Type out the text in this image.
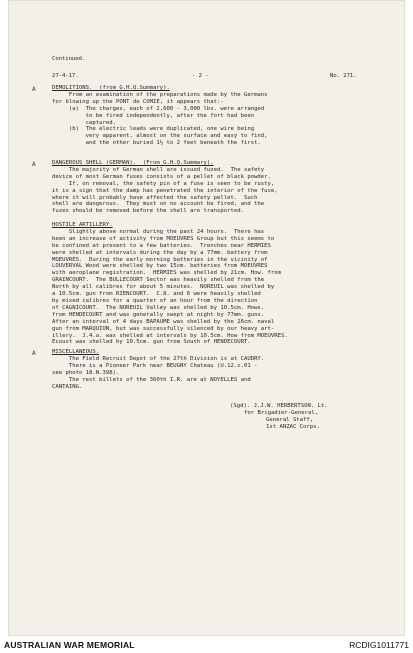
Continued.
27-4-17.	- 2 -	No. 271.
A	DEMOLITIONS.  (from G.H.Q.Summary).
From an examination of the preparations made by the Germans
for blowing up the PONT de COMIE, it appears that:-
(a)  The charges, each of 2,600 - 3,000 lbs. were arranged
to be fired independently, after the fort had been
captured.
(b)  The electric leads were duplicated, one wire being
very apparent, almost on the surface and easy to find,
and the other buried 1½ to 2 feet beneath the first.
A	DANGEROUS SHELL (GERMAN).  (From G.H.Q.Summary).
The majority of German shell are issued fuzed.  The safety
device of most German fuses consists of a pellet of black powder.
If, on removal, the safety pin of a fuse is seen to be rusty,
it is a sign that the damp has penetrated the interior of the fuse,
where it will probably have affected the safety pellet.  Such
shell are dangerous.  They must on no account be fired, and the
fuzes should be removed before the shell are transported.
HOSTILE ARTILLERY.
Slightly above normal during the past 24 hours.  There has
been an increase of activity from MOEUVRES Group but this seems to
be confined at present to a few batteries.  Trenches near HERMIES
were shelled at intervals during the day by a 77mm. battery from
MOEUVRES.  During the early morning batteries in the vicinity of
LOUVERVAL Wood were shelled by two 15cm. batteries from MOEUVRES
with aeroplane registration.  HERMIES was shelled by 21cm. How. from
GRAINCOURT.  The BULLECOURT Sector was heavily shelled from the
North by all calibres for about 5 minutes.  NOREUIL was shelled by
a 10.5cm. gun from RIENCOURT.  C.8. and 6 were heavily shelled
by mixed calibres for a quarter of an hour from the direction
of CAGNICOURT.  The NOREUIL Valley was shelled by 10.5cm. Hows.
from HENDECOURT and was generally swept at night by 77mm. guns.
After an interval of 4 days BAPAUME was shelled by the 26cm. naval
gun from MARQUION, but was successfully silenced by our heavy art-
illery.  J.4.a. was shelled at intervals by 10.5cm. How from MOEUVRES.
Ecoust was shelled by 10.5cm. gun from South of HENDECOURT.
A	MISCELLANEOUS.
The Field Recruit Depot of the 27th Division is at CAUDRY.
There is a Pioneer Park near BEUGNY Chateau (U.12.c.01 -
see photo 18.N.398).
The rest billets of the 360th I.R. are at NOYELLES and
CANTAING.
(Sgd). J.J.W. HERBERTSON. Lt.
for Brigadier-General,
General Staff,
1st ANZAC Corps.
AUSTRALIAN WAR MEMORIAL	RCDIG1011771
